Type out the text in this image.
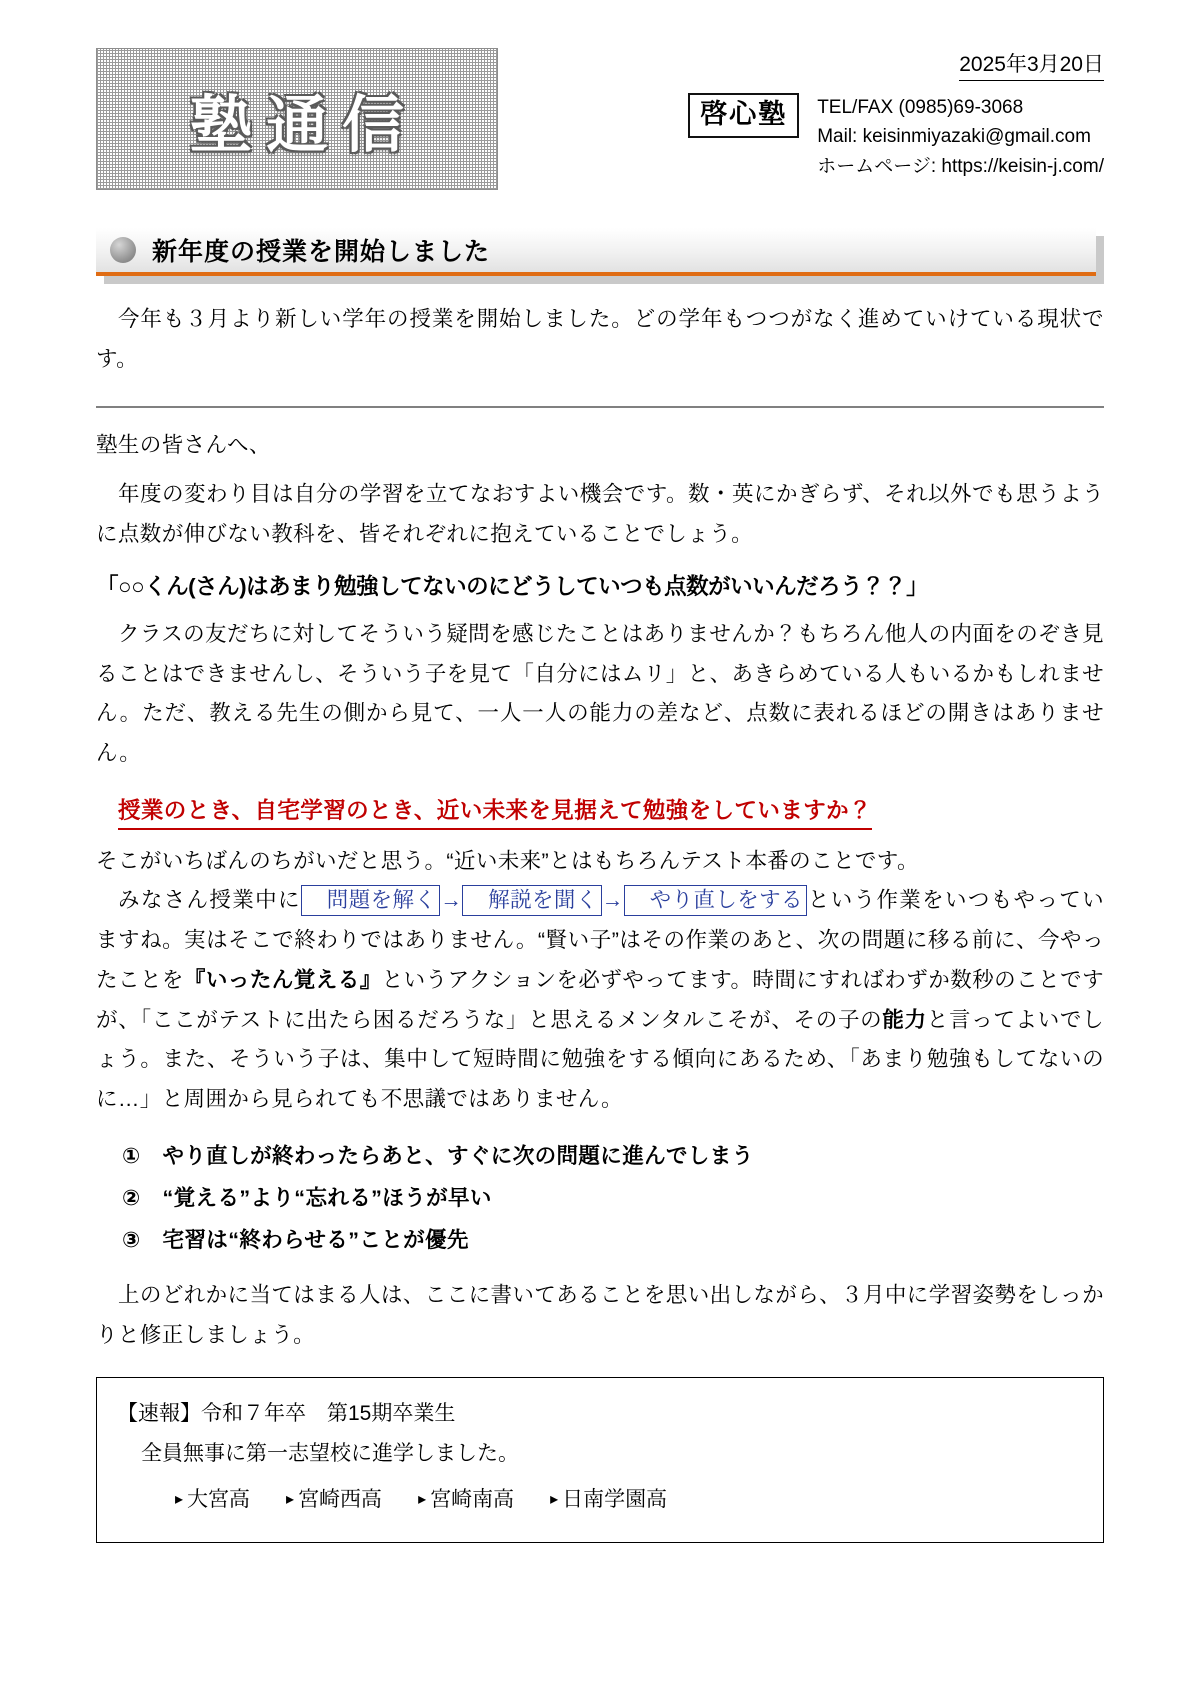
塾通信
2025年3月20日
啓心塾	TEL/FAX (0985)69-3068
Mail: keisinmiyazaki@gmail.com
ホームページ: https://keisin-j.com/
新年度の授業を開始しました

今年も３月より新しい学年の授業を開始しました。どの学年もつつがなく進めていけている現状です。

塾生の皆さんへ、

年度の変わり目は自分の学習を立てなおすよい機会です。数・英にかぎらず、それ以外でも思うように点数が伸びない教科を、皆それぞれに抱えていることでしょう。

「○○くん(さん)はあまり勉強してないのにどうしていつも点数がいいんだろう？？」

クラスの友だちに対してそういう疑問を感じたことはありませんか？もちろん他人の内面をのぞき見ることはできませんし、そういう子を見て「自分にはムリ」と、あきらめている人もいるかもしれません。ただ、教える先生の側から見て、一人一人の能力の差など、点数に表れるほどの開きはありません。

授業のとき、自宅学習のとき、近い未来を見据えて勉強をしていますか？

そこがいちばんのちがいだと思う。“近い未来”とはもちろんテスト本番のことです。

みなさん授業中に 問題を解く → 解説を聞く → やり直しをする という作業をいつもやっていますね。実はそこで終わりではありません。“賢い子”はその作業のあと、次の問題に移る前に、今やったことを『いったん覚える』というアクションを必ずやってます。時間にすればわずか数秒のことですが、「ここがテストに出たら困るだろうな」と思えるメンタルこそが、その子の能力と言ってよいでしょう。また、そういう子は、集中して短時間に勉強をする傾向にあるため、「あまり勉強もしてないのに…」と周囲から見られても不思議ではありません。

①　やり直しが終わったらあと、すぐに次の問題に進んでしまう
②　“覚える”より“忘れる”ほうが早い
③　宅習は“終わらせる”ことが優先

上のどれかに当てはまる人は、ここに書いてあることを思い出しながら、３月中に学習姿勢をしっかりと修正しましょう。

【速報】令和７年卒　第15期卒業生
全員無事に第一志望校に進学しました。
▸ 大宮高	▸ 宮崎西高	▸ 宮崎南高	▸ 日南学園高
